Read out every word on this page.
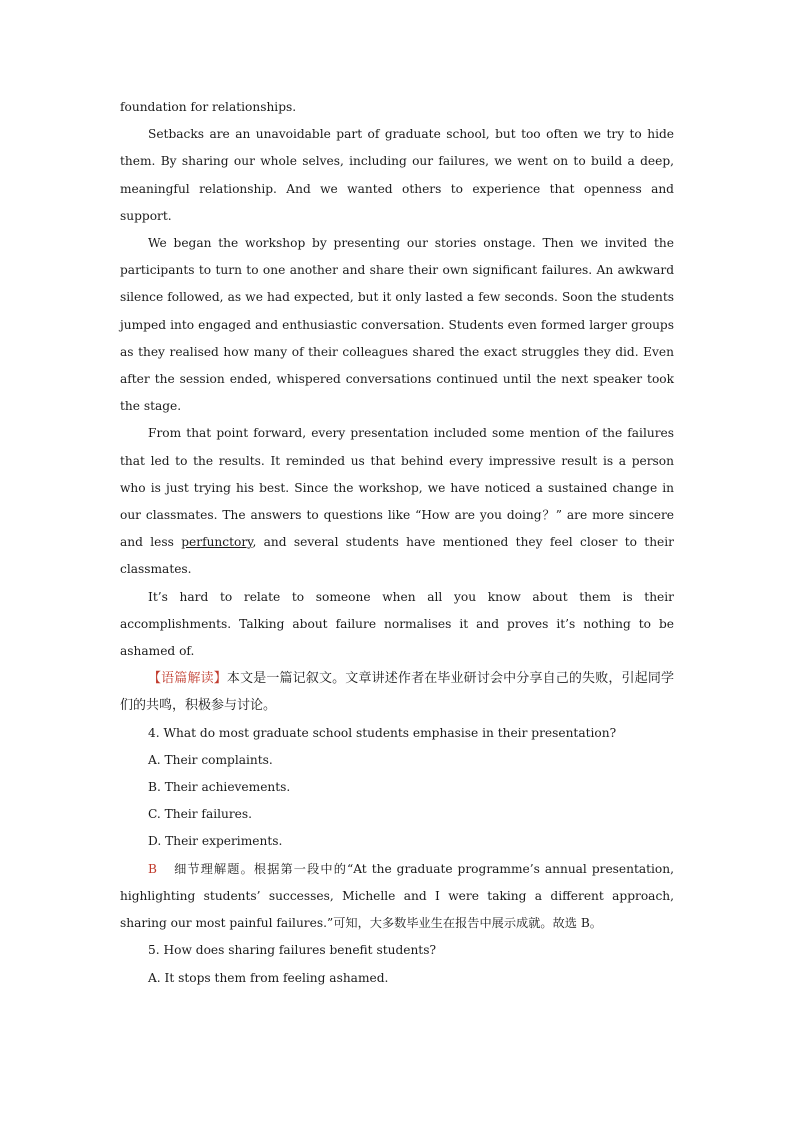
foundation for relationships.

Setbacks are an unavoidable part of graduate school, but too often we try to hide them. By sharing our whole selves, including our failures, we went on to build a deep, meaningful relationship. And we wanted others to experience that openness and support.

We began the workshop by presenting our stories onstage. Then we invited the participants to turn to one another and share their own significant failures. An awkward silence followed, as we had expected, but it only lasted a few seconds. Soon the students jumped into engaged and enthusiastic conversation. Students even formed larger groups as they realised how many of their colleagues shared the exact struggles they did. Even after the session ended, whispered conversations continued until the next speaker took the stage.

From that point forward, every presentation included some mention of the failures that led to the results. It reminded us that behind every impressive result is a person who is just trying his best. Since the workshop, we have noticed a sustained change in our classmates. The answers to questions like “How are you doing？” are more sincere and less perfunctory, and several students have mentioned they feel closer to their classmates.

It’s hard to relate to someone when all you know about them is their accomplishments. Talking about failure normalises it and proves it’s nothing to be ashamed of.

【语篇解读】本文是一篇记叙文。文章讲述作者在毕业研讨会中分享自己的失败，引起同学们的共鸣，积极参与讨论。

4. What do most graduate school students emphasise in their presentation?

A. Their complaints.

B. Their achievements.

C. Their failures.

D. Their experiments.

B 细节理解题。根据第一段中的“At the graduate programme’s annual presentation, highlighting students’ successes, Michelle and I were taking a different approach, sharing our most painful failures.”可知，大多数毕业生在报告中展示成就。故选 B。

5. How does sharing failures benefit students?

A. It stops them from feeling ashamed.
